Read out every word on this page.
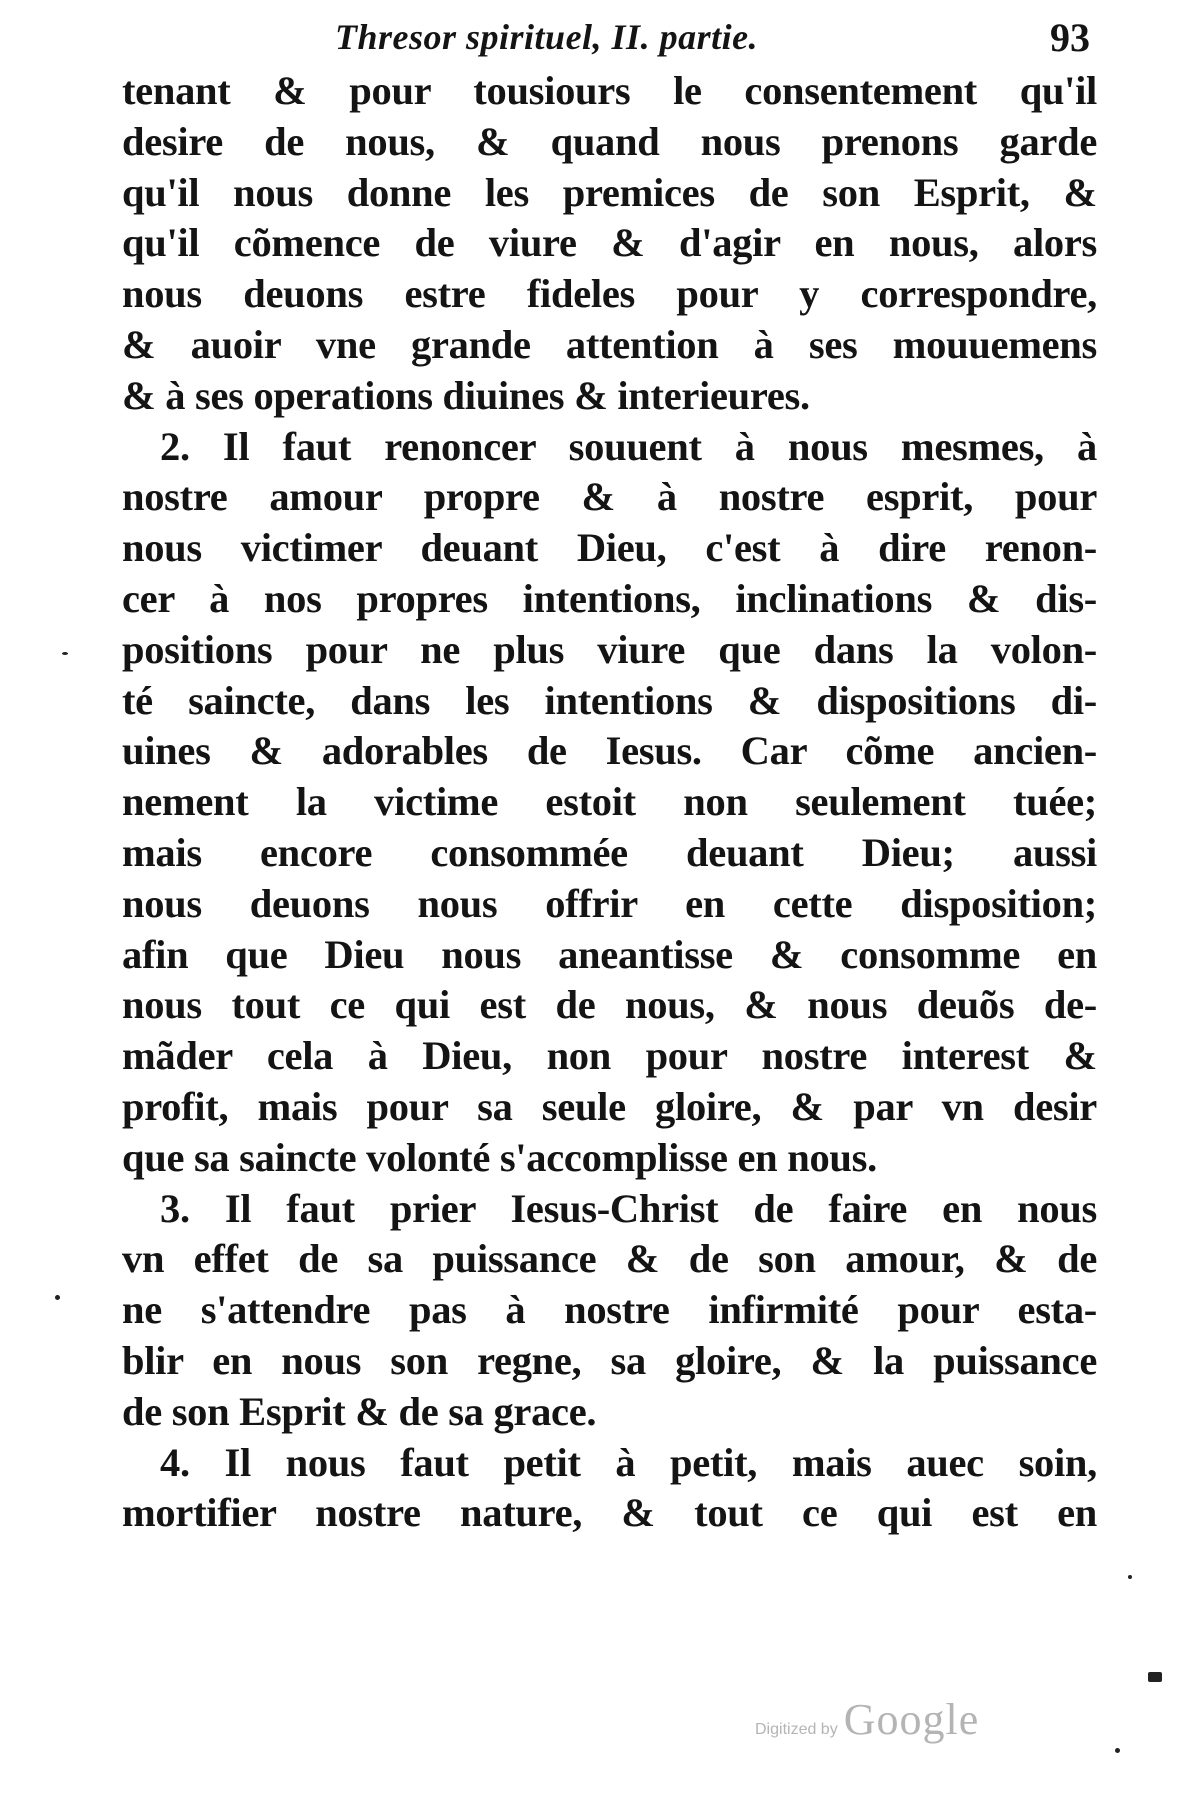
Thresor spirituel, II. partie.	93
tenant & pour tousiours le consentement qu'il
desire de nous, & quand nous prenons garde
qu'il nous donne les premices de son Esprit, &
qu'il cõmence de viure & d'agir en nous, alors
nous deuons estre fideles pour y correspondre,
& auoir vne grande attention à ses mouuemens
& à ses operations diuines & interieures.
2. Il faut renoncer souuent à nous mesmes, à
nostre amour propre & à nostre esprit, pour
nous victimer deuant Dieu, c'est à dire renon-
cer à nos propres intentions, inclinations & dis-
positions pour ne plus viure que dans la volon-
té saincte, dans les intentions & dispositions di-
uines & adorables de Iesus. Car cõme ancien-
nement la victime estoit non seulement tuée;
mais encore consommée deuant Dieu; aussi
nous deuons nous offrir en cette disposition;
afin que Dieu nous aneantisse & consomme en
nous tout ce qui est de nous, & nous deuõs de-
mãder cela à Dieu, non pour nostre interest &
profit, mais pour sa seule gloire, & par vn desir
que sa saincte volonté s'accomplisse en nous.
3. Il faut prier Iesus-Christ de faire en nous
vn effet de sa puissance & de son amour, & de
ne s'attendre pas à nostre infirmité pour esta-
blir en nous son regne, sa gloire, & la puissance
de son Esprit & de sa grace.
4. Il nous faut petit à petit, mais auec soin,
mortifier nostre nature, & tout ce qui est en
Digitized by Google
